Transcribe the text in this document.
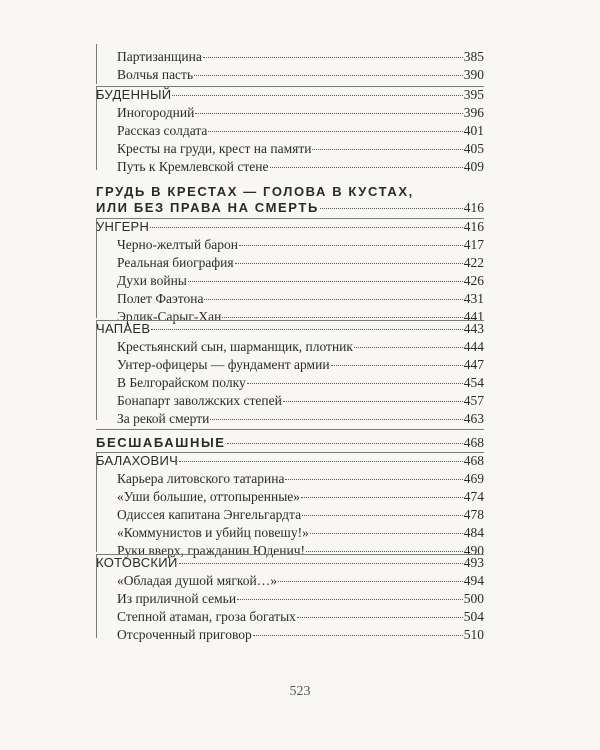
Партизанщина	385
Волчья пасть	390
БУДЕННЫЙ	395
Иногородний	396
Рассказ солдата	401
Кресты на груди, крест на памяти	405
Путь к Кремлевской стене	409
ГРУДЬ В КРЕСТАХ — ГОЛОВА В КУСТАХ,
ИЛИ БЕЗ ПРАВА НА СМЕРТЬ	416
УНГЕРН	416
Черно-желтый барон	417
Реальная биография	422
Духи войны	426
Полет Фаэтона	431
Эрлик-Сарыг-Хан	441
ЧАПАЕВ	443
Крестьянский сын, шарманщик, плотник	444
Унтер-офицеры — фундамент армии	447
В Белгорайском полку	454
Бонапарт заволжских степей	457
За рекой смерти	463
БЕСШАБАШНЫЕ	468
БАЛАХОВИЧ	468
Карьера литовского татарина	469
«Уши большие, оттопыренные»	474
Одиссея капитана Энгельгардта	478
«Коммунистов и убийц повешу!»	484
Руки вверх, гражданин Юденич!	490
КОТОВСКИЙ	493
«Обладая душой мягкой…»	494
Из приличной семьи	500
Степной атаман, гроза богатых	504
Отсроченный приговор	510
523
